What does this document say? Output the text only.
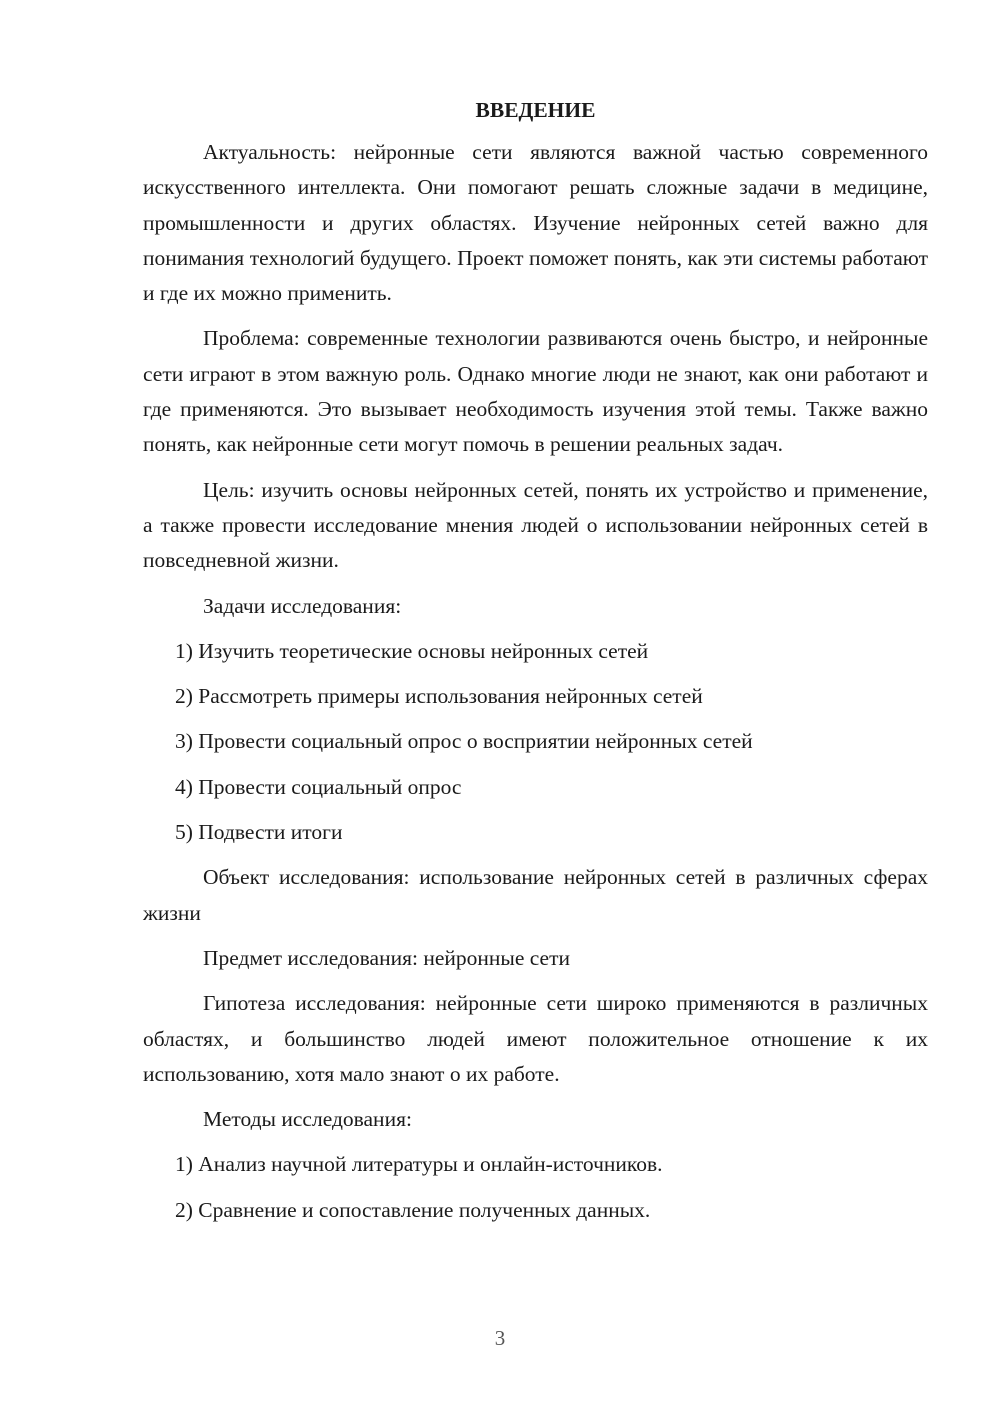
ВВЕДЕНИЕ

Актуальность: нейронные сети являются важной частью современного искусственного интеллекта. Они помогают решать сложные задачи в медицине, промышленности и других областях. Изучение нейронных сетей важно для понимания технологий будущего. Проект поможет понять, как эти системы работают и где их можно применить.

Проблема: современные технологии развиваются очень быстро, и нейронные сети играют в этом важную роль. Однако многие люди не знают, как они работают и где применяются. Это вызывает необходимость изучения этой темы. Также важно понять, как нейронные сети могут помочь в решении реальных задач.

Цель: изучить основы нейронных сетей, понять их устройство и применение, а также провести исследование мнения людей о использовании нейронных сетей в повседневной жизни.

Задачи исследования:
1) Изучить теоретические основы нейронных сетей
2) Рассмотреть примеры использования нейронных сетей
3) Провести социальный опрос о восприятии нейронных сетей
4) Провести социальный опрос
5) Подвести итоги

Объект исследования: использование нейронных сетей в различных сферах жизни

Предмет исследования: нейронные сети

Гипотеза исследования: нейронные сети широко применяются в различных областях, и большинство людей имеют положительное отношение к их использованию, хотя мало знают о их работе.

Методы исследования:
1) Анализ научной литературы и онлайн-источников.
2) Сравнение и сопоставление полученных данных.
3
